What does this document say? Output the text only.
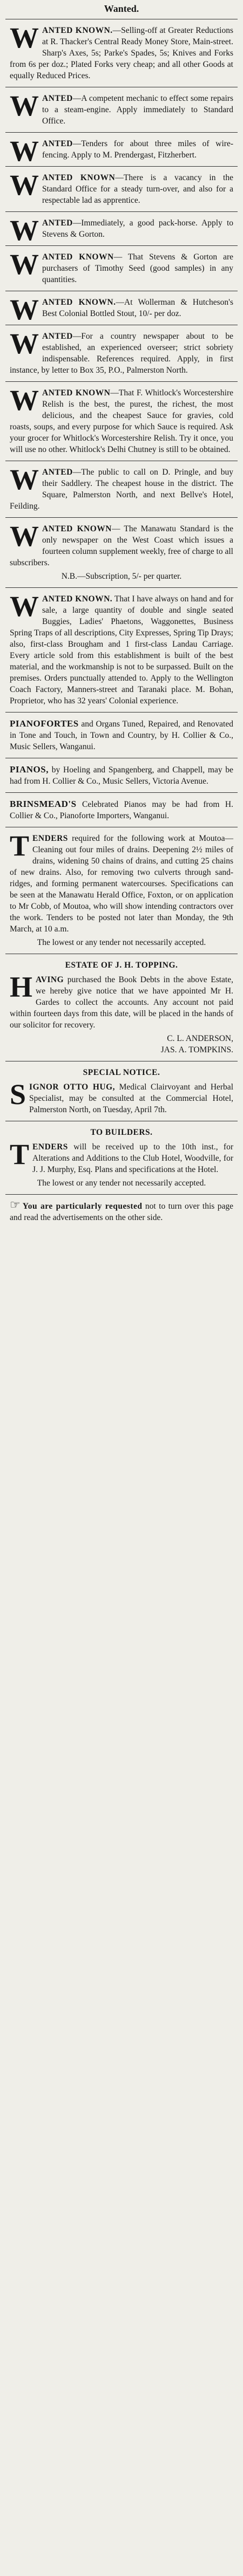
Wanted.
W ANTED KNOWN.—Selling-off at Greater Reductions at R. Thacker's Central Ready Money Store, Main-street. Sharp's Axes, 5s; Parke's Spades, 5s; Knives and Forks from 6s per doz.; Plated Forks very cheap; and all other Goods at equally Reduced Prices.

W ANTED—A competent mechanic to effect some repairs to a steam-engine. Apply immediately to Standard Office.

W ANTED—Tenders for about three miles of wire-fencing. Apply to M. Prendergast, Fitzherbert.

W ANTED KNOWN—There is a vacancy in the Standard Office for a steady turn-over, and also for a respectable lad as apprentice.

W ANTED—Immediately, a good pack-horse. Apply to Stevens & Gorton.

W ANTED KNOWN— That Stevens & Gorton are purchasers of Timothy Seed (good samples) in any quantities.

W ANTED KNOWN.—At Wollerman & Hutcheson's Best Colonial Bottled Stout, 10/- per doz.

W ANTED—For a country newspaper about to be established, an experienced overseer; strict sobriety indispensable. References required. Apply, in first instance, by letter to Box 35, P.O., Palmerston North.

W ANTED KNOWN—That F. Whitlock's Worcestershire Relish is the best, the purest, the richest, the most delicious, and the cheapest Sauce for gravies, cold roasts, soups, and every purpose for which Sauce is required. Ask your grocer for Whitlock's Worcestershire Relish. Try it once, you will use no other. Whitlock's Delhi Chutney is still to be obtained.

W ANTED—The public to call on D. Pringle, and buy their Saddlery. The cheapest house in the district. The Square, Palmerston North, and next Bellve's Hotel, Feilding.

W ANTED KNOWN— The Manawatu Standard is the only newspaper on the West Coast which issues a fourteen column supplement weekly, free of charge to all subscribers.

N.B.—Subscription, 5/- per quarter.

W ANTED KNOWN. That I have always on hand and for sale, a large quantity of double and single seated Buggies, Ladies' Phaetons, Waggonettes, Business Spring Traps of all descriptions, City Expresses, Spring Tip Drays; also, first-class Brougham and 1 first-class Landau Carriage. Every article sold from this establishment is built of the best material, and the workmanship is not to be surpassed. Built on the premises. Orders punctually attended to. Apply to the Wellington Coach Factory, Manners-street and Taranaki place. M. Bohan, Proprietor, who has 32 years' Colonial experience.

PIANOFORTES and Organs Tuned, Repaired, and Renovated in Tone and Touch, in Town and Country, by H. Collier & Co., Music Sellers, Wanganui.

PIANOS, by Hoeling and Spangenberg, and Chappell, may be had from H. Collier & Co., Music Sellers, Victoria Avenue.

BRINSMEAD'S Celebrated Pianos may be had from H. Collier & Co., Pianoforte Importers, Wanganui.

T ENDERS required for the following work at Moutoa— Cleaning out four miles of drains. Deepening 2½ miles of drains, widening 50 chains of drains, and cutting 25 chains of new drains. Also, for removing two culverts through sand-ridges, and forming permanent watercourses. Specifications can be seen at the Manawatu Herald Office, Foxton, or on application to Mr Cobb, of Moutoa, who will show intending contractors over the work. Tenders to be posted not later than Monday, the 9th March, at 10 a.m.

The lowest or any tender not necessarily accepted.

ESTATE OF J. H. TOPPING.
H AVING purchased the Book Debts in the above Estate, we hereby give notice that we have appointed Mr H. Gardes to collect the accounts. Any account not paid within fourteen days from this date, will be placed in the hands of our solicitor for recovery.

C. L. ANDERSON,

JAS. A. TOMPKINS.

SPECIAL NOTICE.
S IGNOR OTTO HUG, Medical Clairvoyant and Herbal Specialist, may be consulted at the Commercial Hotel, Palmerston North, on Tuesday, April 7th.

TO BUILDERS.
T ENDERS will be received up to the 10th inst., for Alterations and Additions to the Club Hotel, Woodville, for J. J. Murphy, Esq. Plans and specifications at the Hotel.

The lowest or any tender not necessarily accepted.

☞ You are particularly requested not to turn over this page and read the advertisements on the other side.
